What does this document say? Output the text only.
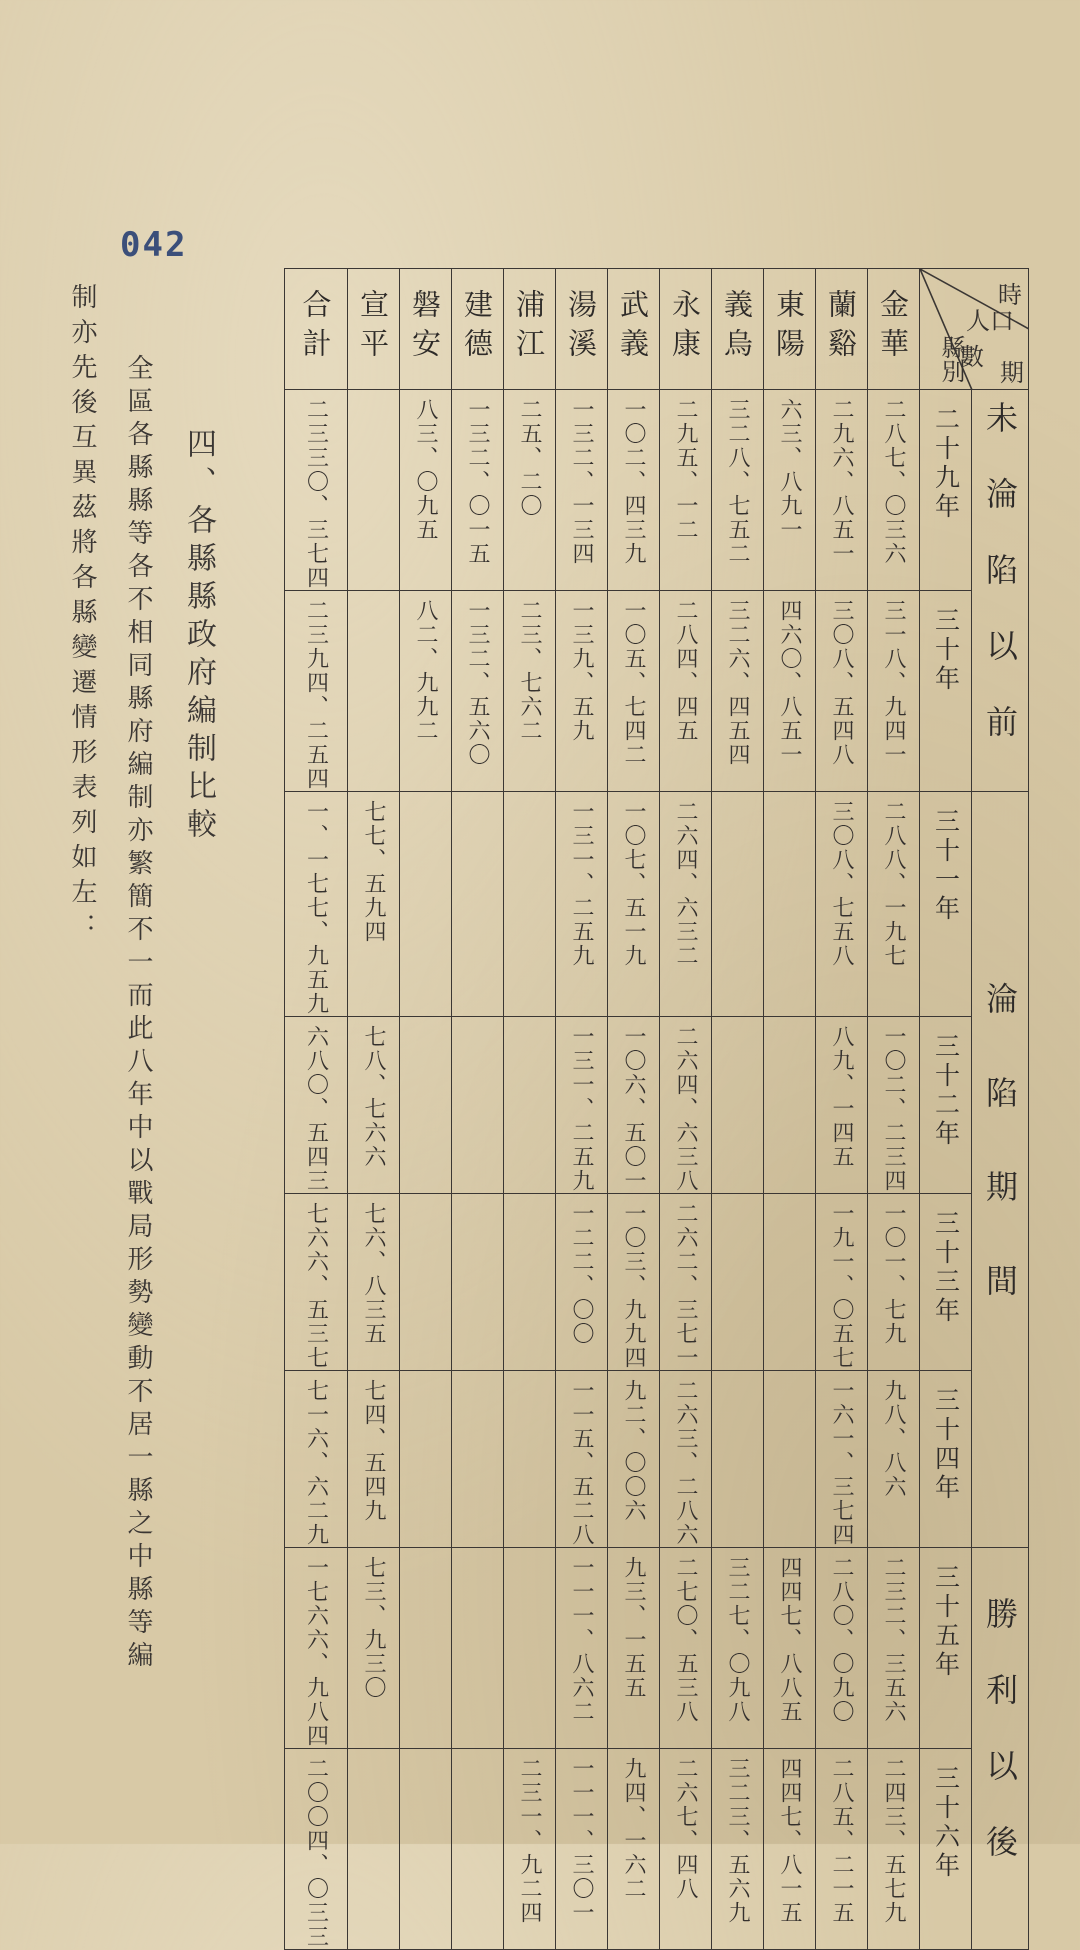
042
四、各縣縣政府編制比較
全區各縣縣等各不相同縣府編制亦繁簡不一而此八年中以戰局形勢變動不居一縣之中縣等編
制亦先後互異茲將各縣變遷情形表列如左：	合計	宣平	磐安	建德	浦江	湯溪	武義	永康	義烏	東陽	蘭谿	金華	縣別
人口
數
時
期	

二三三〇、三七四		八三、〇九五	一三二、〇一五	二五、二〇	一三二、一三四	一〇二、四三九	二九五、一二	三二八、七五二	六三、八九一	二九六、八五一	二八七、〇三六	二十九年	未淪陷以前

二三九四、二五四		八二、九九二	一三二、五六〇	二三、七六二	一三九、五九	一〇五、七四二	二八四、四五	三二六、四五四	四六〇、八五一	三〇八、五四八	三一八、九四一	三十年	

一、一七七、九五九	七七、五九四				一三一、二五九	一〇七、五一九	二六四、六三二			三〇八、七五八	二八八、一九七	三十一年	淪陷期間

六八〇、五四三	七八、七六六				一三一、二五九	一〇六、五〇一	二六四、六三八			八九、一四五	一〇二、二三四	三十二年	

七六六、五三七	七六、八三五				一二二、〇〇	一〇三、九九四	二六二、三七一			一九一、〇五七	一〇一、七九	三十三年	

七一六、六二九	七四、五四九				一一五、五二八	九二、〇〇六	二六三、二八六			一六一、三七四	九八、八六	三十四年	

一七六六、九八四	七三、九三〇				一一一、八六二	九三、一五五	二七〇、五三八	三二七、〇九八	四四七、八八五	二八〇、〇九〇	二三二、三五六	三十五年	勝利以後

二〇〇四、〇三三				二三一、九二四	一一一、三〇一	九四、一六二	二六七、四八	三二三、五六九	四四七、八一五	二八五、二一五	二四三、五七九	三十六年	
